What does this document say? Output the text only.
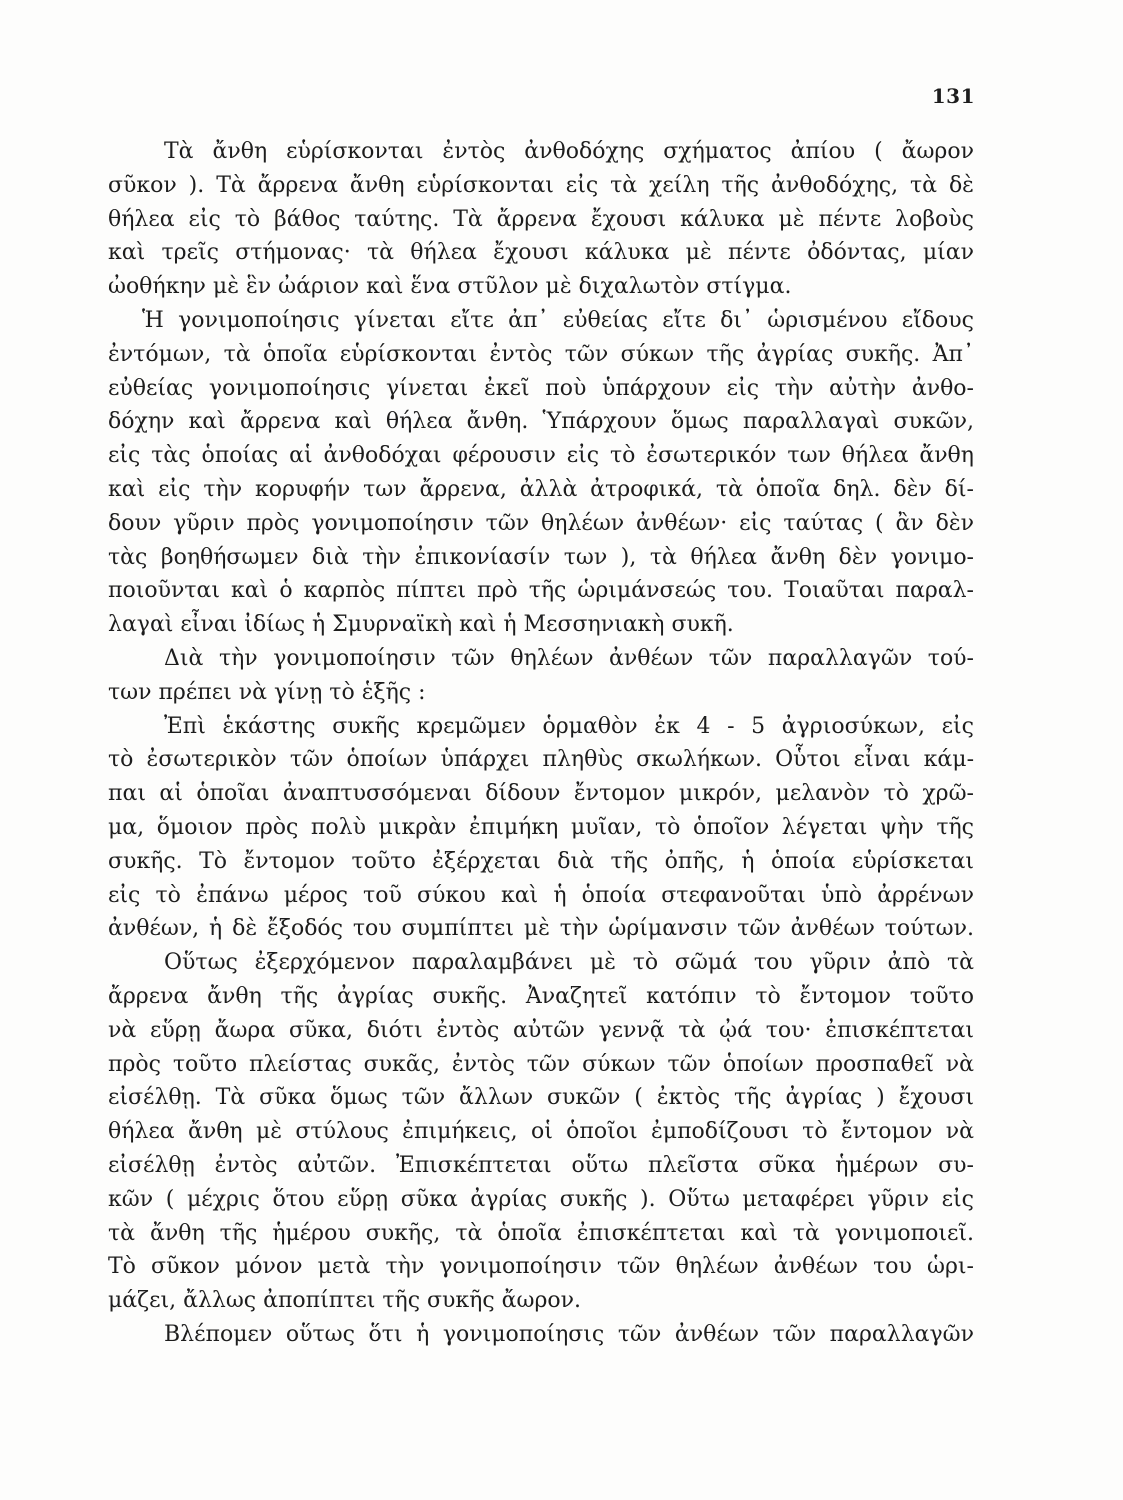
131
Τὰ ἄνθη εὑρίσκονται ἐντὸς ἀνθοδόχης σχήματος ἀπίου ( ἄωρον
σῦκον ). Τὰ ἄρρενα ἄνθη εὑρίσκονται εἰς τὰ χείλη τῆς ἀνθοδόχης, τὰ δὲ
θήλεα εἰς τὸ βάθος ταύτης. Τὰ ἄρρενα ἔχουσι κάλυκα μὲ πέντε λοβοὺς
καὶ τρεῖς στήμονας· τὰ θήλεα ἔχουσι κάλυκα μὲ πέντε ὀδόντας, μίαν
ὠοθήκην μὲ ἓν ὠάριον καὶ ἕνα στῦλον μὲ διχαλωτὸν στίγμα.
Ἡ γονιμοποίησις γίνεται εἴτε ἀπ᾽ εὐθείας εἴτε δι᾽ ὡρισμένου εἴδους
ἐντόμων, τὰ ὁποῖα εὑρίσκονται ἐντὸς τῶν σύκων τῆς ἀγρίας συκῆς. Ἀπ᾽
εὐθείας γονιμοποίησις γίνεται ἐκεῖ ποὺ ὑπάρχουν εἰς τὴν αὐτὴν ἀνθο-
δόχην καὶ ἄρρενα καὶ θήλεα ἄνθη. Ὑπάρχουν ὅμως παραλλαγαὶ συκῶν,
εἰς τὰς ὁποίας αἱ ἀνθοδόχαι φέρουσιν εἰς τὸ ἐσωτερικόν των θήλεα ἄνθη
καὶ εἰς τὴν κορυφήν των ἄρρενα, ἀλλὰ ἀτροφικά, τὰ ὁποῖα δηλ. δὲν δί-
δουν γῦριν πρὸς γονιμοποίησιν τῶν θηλέων ἀνθέων· εἰς ταύτας ( ἂν δὲν
τὰς βοηθήσωμεν διὰ τὴν ἐπικονίασίν των ), τὰ θήλεα ἄνθη δὲν γονιμο-
ποιοῦνται καὶ ὁ καρπὸς πίπτει πρὸ τῆς ὡριμάνσεώς του. Τοιαῦται παραλ-
λαγαὶ εἶναι ἰδίως ἡ Σμυρναϊκὴ καὶ ἡ Μεσσηνιακὴ συκῆ.
Διὰ τὴν γονιμοποίησιν τῶν θηλέων ἀνθέων τῶν παραλλαγῶν τού-
των πρέπει νὰ γίνῃ τὸ ἑξῆς :
Ἐπὶ ἑκάστης συκῆς κρεμῶμεν ὁρμαθὸν ἐκ 4 - 5 ἀγριοσύκων, εἰς
τὸ ἐσωτερικὸν τῶν ὁποίων ὑπάρχει πληθὺς σκωλήκων. Οὗτοι εἶναι κάμ-
παι αἱ ὁποῖαι ἀναπτυσσόμεναι δίδουν ἔντομον μικρόν, μελανὸν τὸ χρῶ-
μα, ὅμοιον πρὸς πολὺ μικρὰν ἐπιμήκη μυῖαν, τὸ ὁποῖον λέγεται ψὴν τῆς
συκῆς. Τὸ ἔντομον τοῦτο ἐξέρχεται διὰ τῆς ὀπῆς, ἡ ὁποία εὑρίσκεται
εἰς τὸ ἐπάνω μέρος τοῦ σύκου καὶ ἡ ὁποία στεφανοῦται ὑπὸ ἀρρένων
ἀνθέων, ἡ δὲ ἔξοδός του συμπίπτει μὲ τὴν ὡρίμανσιν τῶν ἀνθέων τούτων.
Οὕτως ἐξερχόμενον παραλαμβάνει μὲ τὸ σῶμά του γῦριν ἀπὸ τὰ
ἄρρενα ἄνθη τῆς ἀγρίας συκῆς. Ἀναζητεῖ κατόπιν τὸ ἔντομον τοῦτο
νὰ εὕρῃ ἄωρα σῦκα, διότι ἐντὸς αὐτῶν γεννᾷ τὰ ᾠά του· ἐπισκέπτεται
πρὸς τοῦτο πλείστας συκᾶς, ἐντὸς τῶν σύκων τῶν ὁποίων προσπαθεῖ νὰ
εἰσέλθῃ. Τὰ σῦκα ὅμως τῶν ἄλλων συκῶν ( ἐκτὸς τῆς ἀγρίας ) ἔχουσι
θήλεα ἄνθη μὲ στύλους ἐπιμήκεις, οἱ ὁποῖοι ἐμποδίζουσι τὸ ἔντομον νὰ
εἰσέλθῃ ἐντὸς αὐτῶν. Ἐπισκέπτεται οὕτω πλεῖστα σῦκα ἡμέρων συ-
κῶν ( μέχρις ὅτου εὕρῃ σῦκα ἀγρίας συκῆς ). Οὕτω μεταφέρει γῦριν εἰς
τὰ ἄνθη τῆς ἡμέρου συκῆς, τὰ ὁποῖα ἐπισκέπτεται καὶ τὰ γονιμοποιεῖ.
Τὸ σῦκον μόνον μετὰ τὴν γονιμοποίησιν τῶν θηλέων ἀνθέων του ὡρι-
μάζει, ἄλλως ἀποπίπτει τῆς συκῆς ἄωρον.
Βλέπομεν οὕτως ὅτι ἡ γονιμοποίησις τῶν ἀνθέων τῶν παραλλαγῶν
